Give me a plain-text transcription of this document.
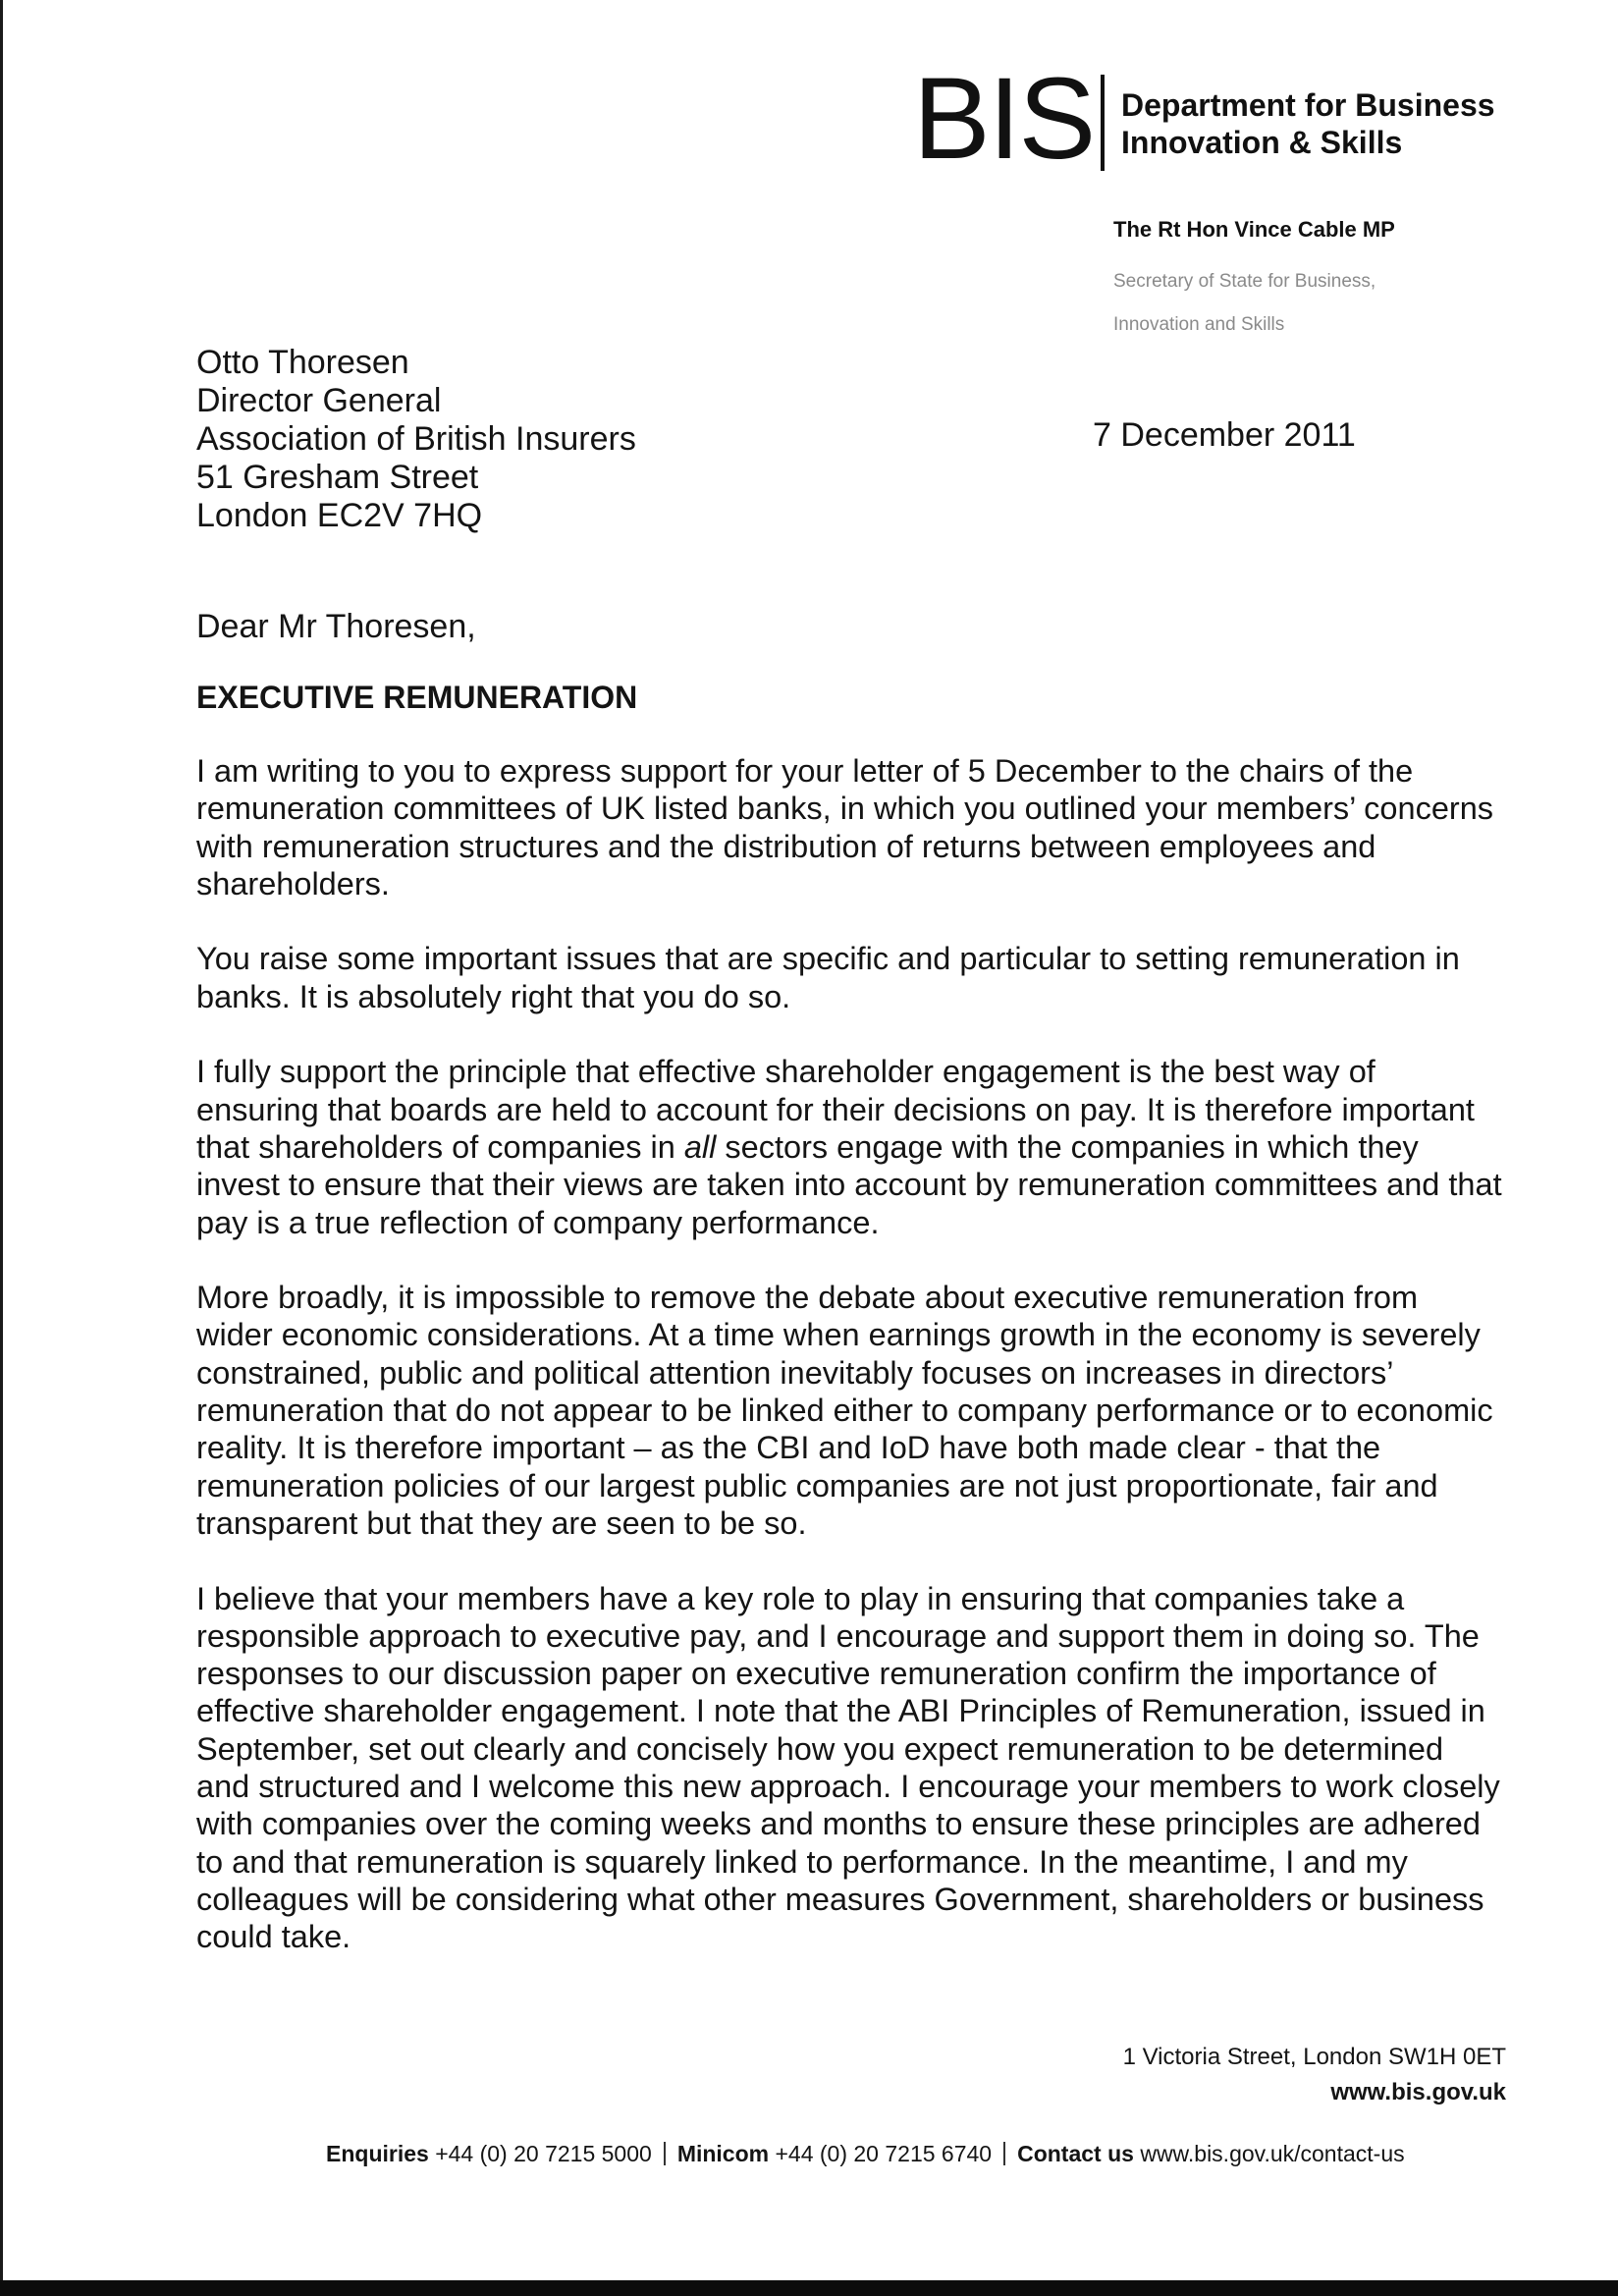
BIS Department for Business
Innovation & Skills
The Rt Hon Vince Cable MP
Secretary of State for Business,
Innovation and Skills
Otto Thoresen
Director General
Association of British Insurers
51 Gresham Street
London EC2V 7HQ
7 December 2011
Dear Mr Thoresen,
EXECUTIVE REMUNERATION

I am writing to you to express support for your letter of 5 December to the chairs of the remuneration committees of UK listed banks, in which you outlined your members’ concerns with remuneration structures and the distribution of returns between employees and shareholders.

You raise some important issues that are specific and particular to setting remuneration in banks. It is absolutely right that you do so.

I fully support the principle that effective shareholder engagement is the best way of ensuring that boards are held to account for their decisions on pay. It is therefore important that shareholders of companies in all sectors engage with the companies in which they invest to ensure that their views are taken into account by remuneration committees and that pay is a true reflection of company performance.

More broadly, it is impossible to remove the debate about executive remuneration from wider economic considerations. At a time when earnings growth in the economy is severely constrained, public and political attention inevitably focuses on increases in directors’ remuneration that do not appear to be linked either to company performance or to economic reality. It is therefore important – as the CBI and IoD have both made clear - that the remuneration policies of our largest public companies are not just proportionate, fair and transparent but that they are seen to be so.

I believe that your members have a key role to play in ensuring that companies take a responsible approach to executive pay, and I encourage and support them in doing so. The responses to our discussion paper on executive remuneration confirm the importance of effective shareholder engagement. I note that the ABI Principles of Remuneration, issued in September, set out clearly and concisely how you expect remuneration to be determined and structured and I welcome this new approach. I encourage your members to work closely with companies over the coming weeks and months to ensure these principles are adhered to and that remuneration is squarely linked to performance. In the meantime, I and my colleagues will be considering what other measures Government, shareholders or business could take.

1 Victoria Street, London SW1H 0ET
www.bis.gov.uk
Enquiries +44 (0) 20 7215 5000 Minicom +44 (0) 20 7215 6740 Contact us www.bis.gov.uk/contact-us
